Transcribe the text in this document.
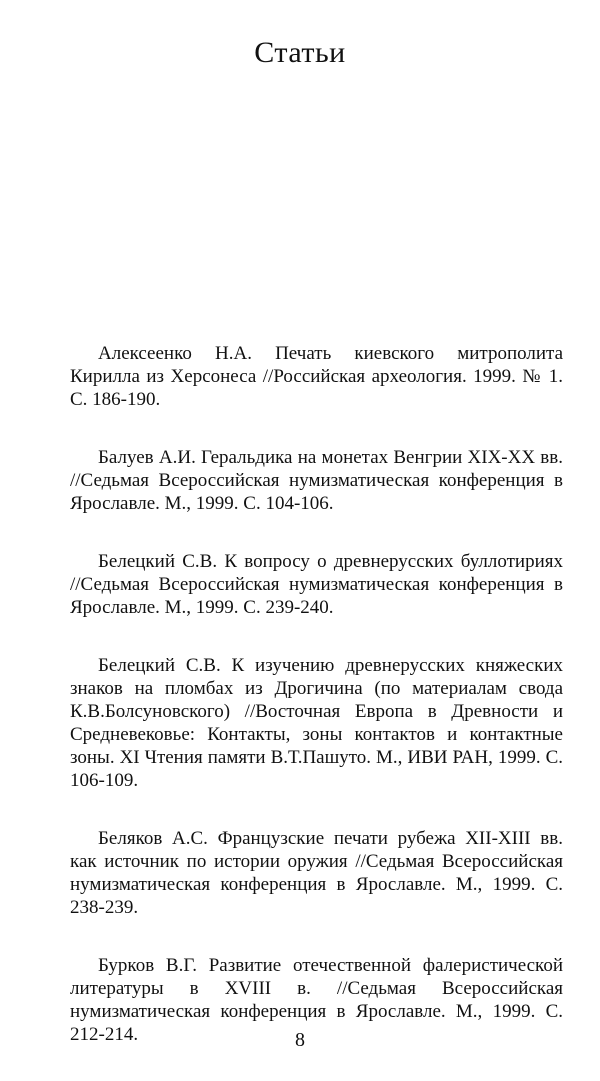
Статьи

Алексеенко Н.А. Печать киевского митрополита Кирилла из Херсонеса //Российская археология. 1999. № 1. С. 186-190.

Балуев А.И. Геральдика на монетах Венгрии XIX-XX вв. //Седьмая Всероссийская нумизматическая конференция в Ярославле. М., 1999. С. 104-106.

Белецкий С.В. К вопросу о древнерусских буллотириях //Седьмая Всероссийская нумизматическая конференция в Ярославле. М., 1999. С. 239-240.

Белецкий С.В. К изучению древнерусских княжеских знаков на пломбах из Дрогичина (по материалам свода К.В.Болсуновского) //Восточная Европа в Древности и Средневековье: Контакты, зоны контактов и контактные зоны. XI Чтения памяти В.Т.Пашуто. М., ИВИ РАН, 1999. С. 106-109.

Беляков А.С. Французские печати рубежа XII-XIII вв. как источник по истории оружия //Седьмая Всероссийская нумизматическая конференция в Ярославле. М., 1999. С. 238-239.

Бурков В.Г. Развитие отечественной фалеристической литературы в XVIII в. //Седьмая Всероссийская нумизматическая конференция в Ярославле. М., 1999. С. 212-214.	8
